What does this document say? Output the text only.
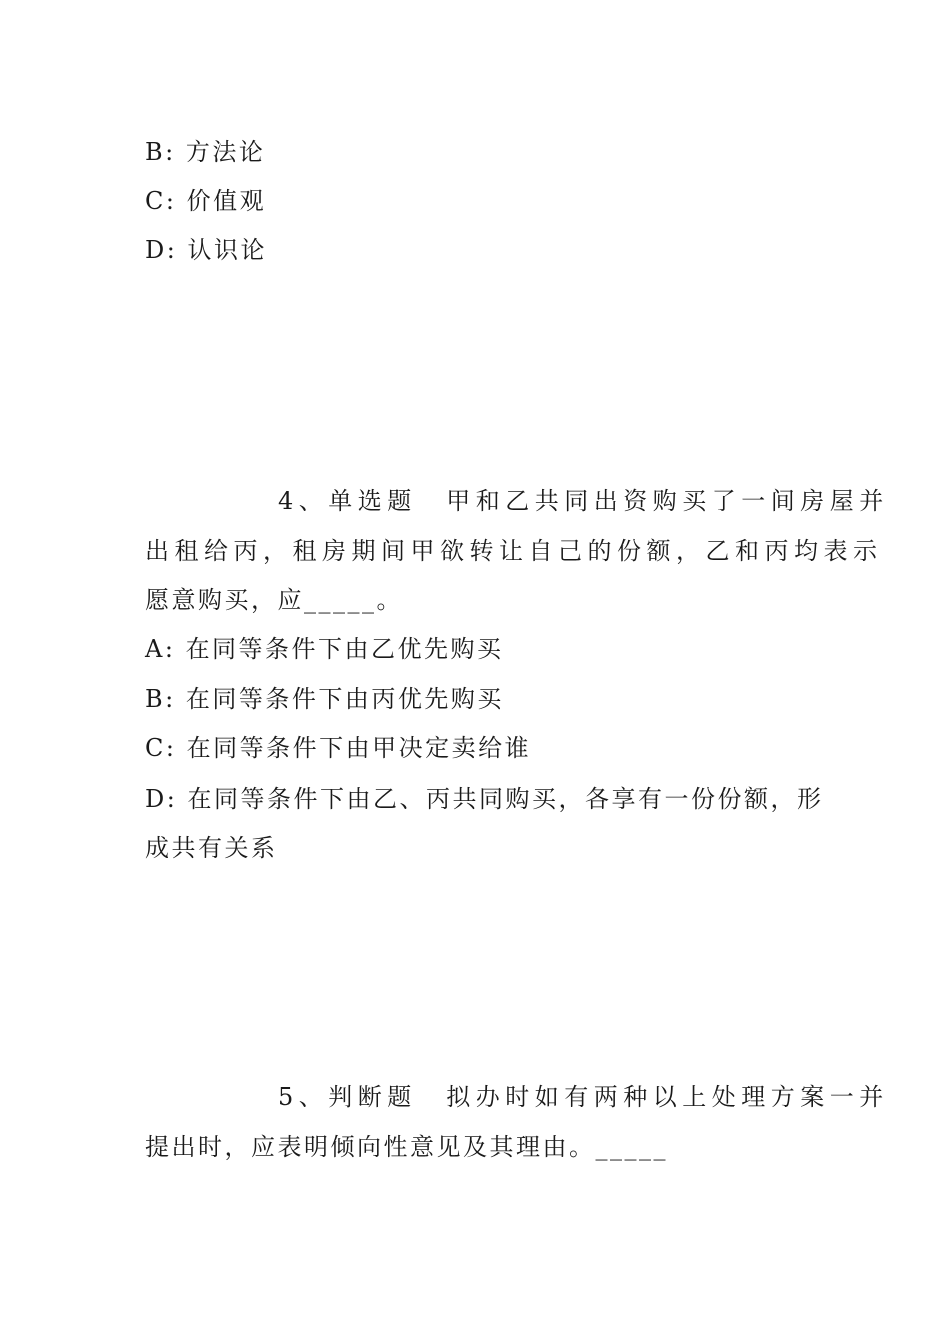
B: 方法论
C: 价值观
D: 认识论
4、单选题　甲和乙共同出资购买了一间房屋并
出租给丙，租房期间甲欲转让自己的份额，乙和丙均表示
愿意购买，应_____。
A: 在同等条件下由乙优先购买
B: 在同等条件下由丙优先购买
C: 在同等条件下由甲决定卖给谁
D: 在同等条件下由乙、丙共同购买，各享有一份份额，形
成共有关系
5、判断题　拟办时如有两种以上处理方案一并
提出时，应表明倾向性意见及其理由。_____
